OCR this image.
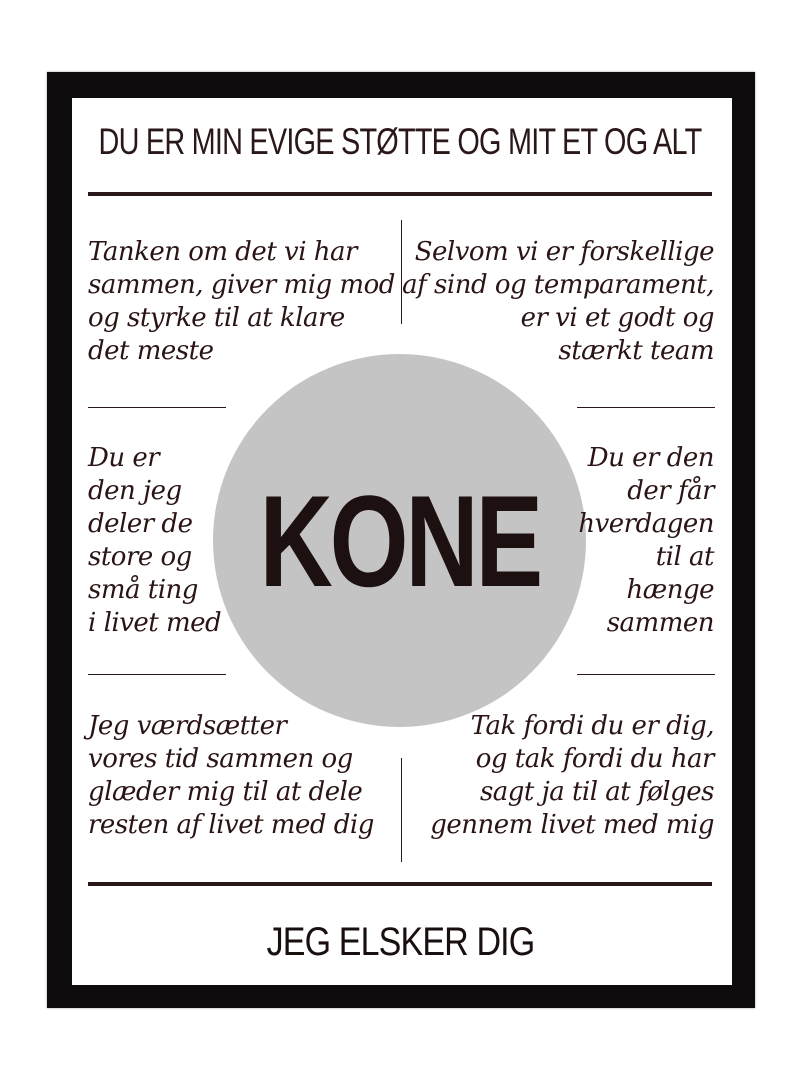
DU ER MIN EVIGE STØTTE OG MIT ET OG ALT
Tanken om det vi har
sammen, giver mig mod
og styrke til at klare
det meste
Selvom vi er forskellige
af sind og temparament,
er vi et godt og
stærkt team
KONE
Du er
den jeg
deler de
store og
små ting
i livet med
Du er den
der får
hverdagen
til at
hænge
sammen
Jeg værdsætter
vores tid sammen og
glæder mig til at dele
resten af livet med dig
Tak fordi du er dig,
og tak fordi du har
sagt ja til at følges
gennem livet med mig
JEG ELSKER DIG
